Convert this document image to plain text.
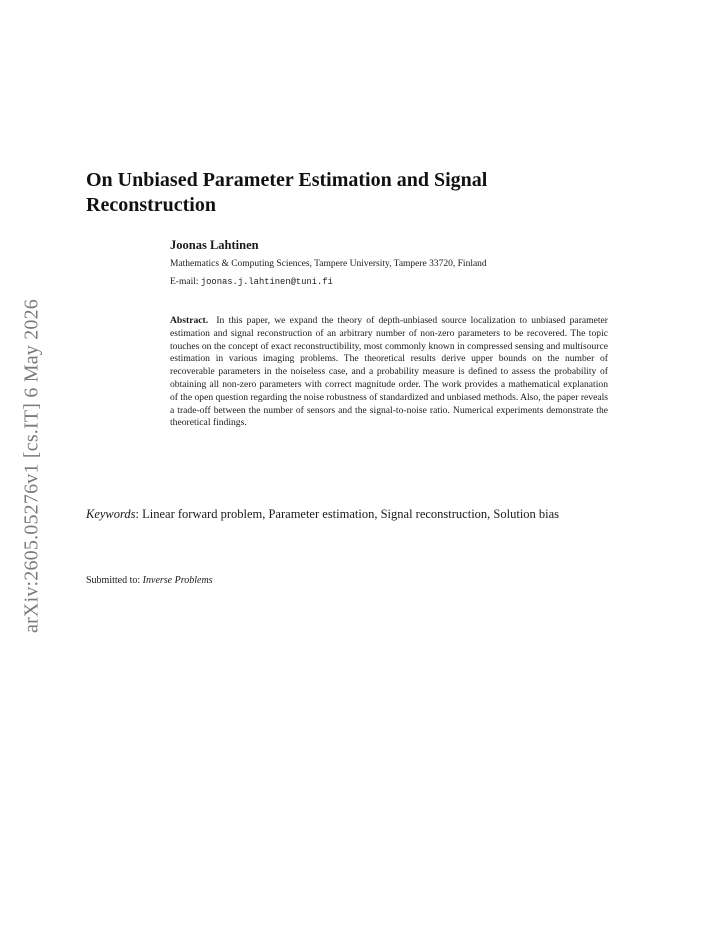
arXiv:2605.05276v1 [cs.IT] 6 May 2026
On Unbiased Parameter Estimation and Signal
Reconstruction

Joonas Lahtinen

Mathematics & Computing Sciences, Tampere University, Tampere 33720, Finland

E-mail: joonas.j.lahtinen@tuni.fi

Abstract. In this paper, we expand the theory of depth-unbiased source localization to unbiased parameter estimation and signal reconstruction of an arbitrary number of non-zero parameters to be recovered. The topic touches on the concept of exact reconstructibility, most commonly known in compressed sensing and multisource estimation in various imaging problems. The theoretical results derive upper bounds on the number of recoverable parameters in the noiseless case, and a probability measure is defined to assess the probability of obtaining all non-zero parameters with correct magnitude order. The work provides a mathematical explanation of the open question regarding the noise robustness of standardized and unbiased methods. Also, the paper reveals a trade-off between the number of sensors and the signal-to-noise ratio. Numerical experiments demonstrate the theoretical findings.

Keywords: Linear forward problem, Parameter estimation, Signal reconstruction, Solution bias

Submitted to: Inverse Problems
